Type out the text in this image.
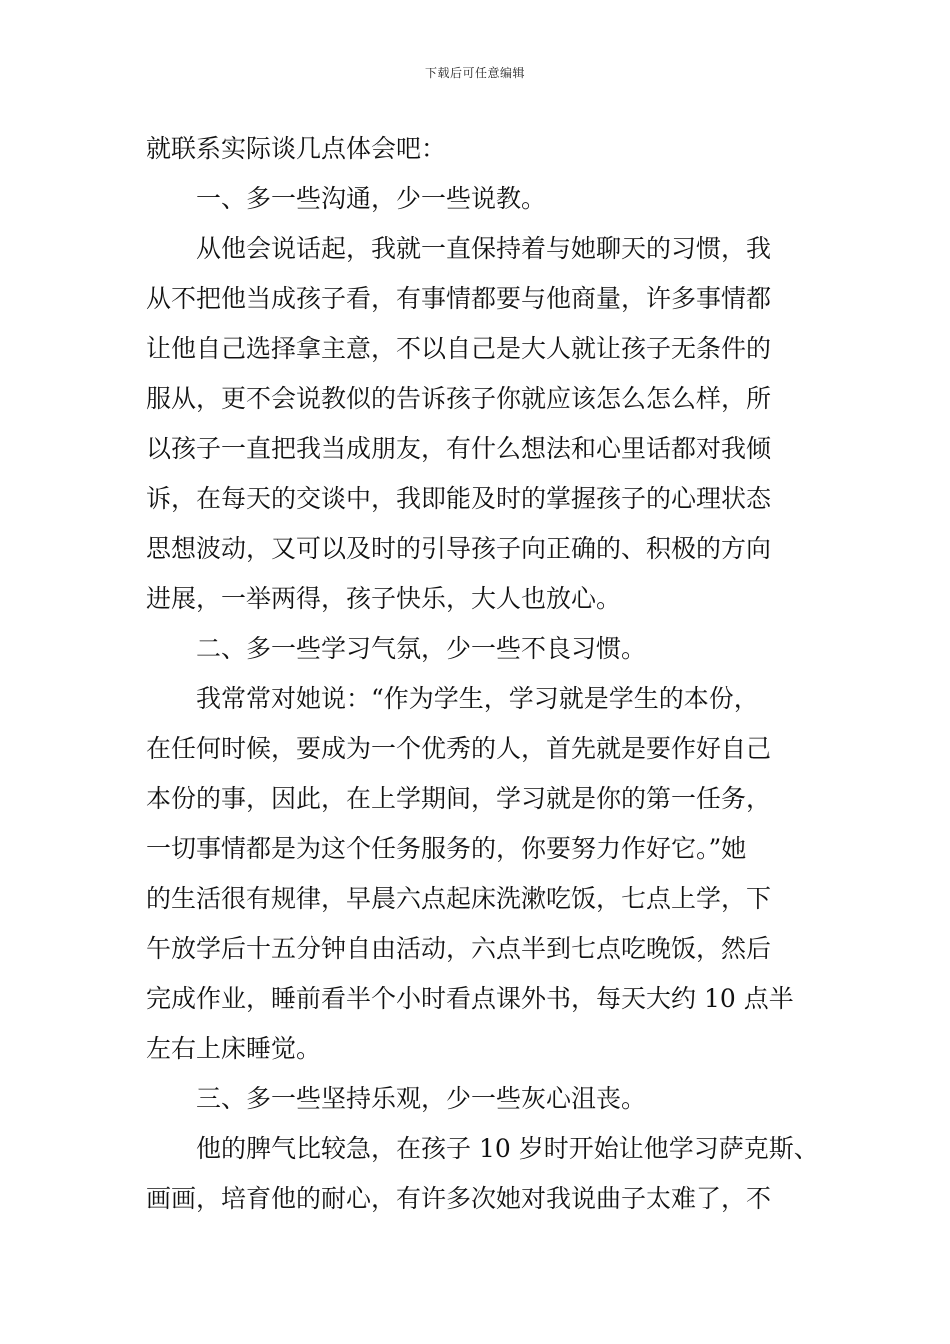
下载后可任意编辑
就联系实际谈几点体会吧：
一、多一些沟通，少一些说教。
从他会说话起，我就一直保持着与她聊天的习惯，我
从不把他当成孩子看，有事情都要与他商量，许多事情都
让他自己选择拿主意，不以自己是大人就让孩子无条件的
服从，更不会说教似的告诉孩子你就应该怎么怎么样，所
以孩子一直把我当成朋友，有什么想法和心里话都对我倾
诉，在每天的交谈中，我即能及时的掌握孩子的心理状态
思想波动，又可以及时的引导孩子向正确的、积极的方向
进展，一举两得，孩子快乐，大人也放心。
二、多一些学习气氛，少一些不良习惯。
我常常对她说：“作为学生，学习就是学生的本份，
在任何时候，要成为一个优秀的人，首先就是要作好自己
本份的事，因此，在上学期间，学习就是你的第一任务，
一切事情都是为这个任务服务的，你要努力作好它。”她
的生活很有规律，早晨六点起床洗漱吃饭，七点上学，下
午放学后十五分钟自由活动，六点半到七点吃晚饭，然后
完成作业，睡前看半个小时看点课外书，每天大约 10 点半
左右上床睡觉。
三、多一些坚持乐观，少一些灰心沮丧。
他的脾气比较急，在孩子 10 岁时开始让他学习萨克斯、
画画，培育他的耐心，有许多次她对我说曲子太难了，不
